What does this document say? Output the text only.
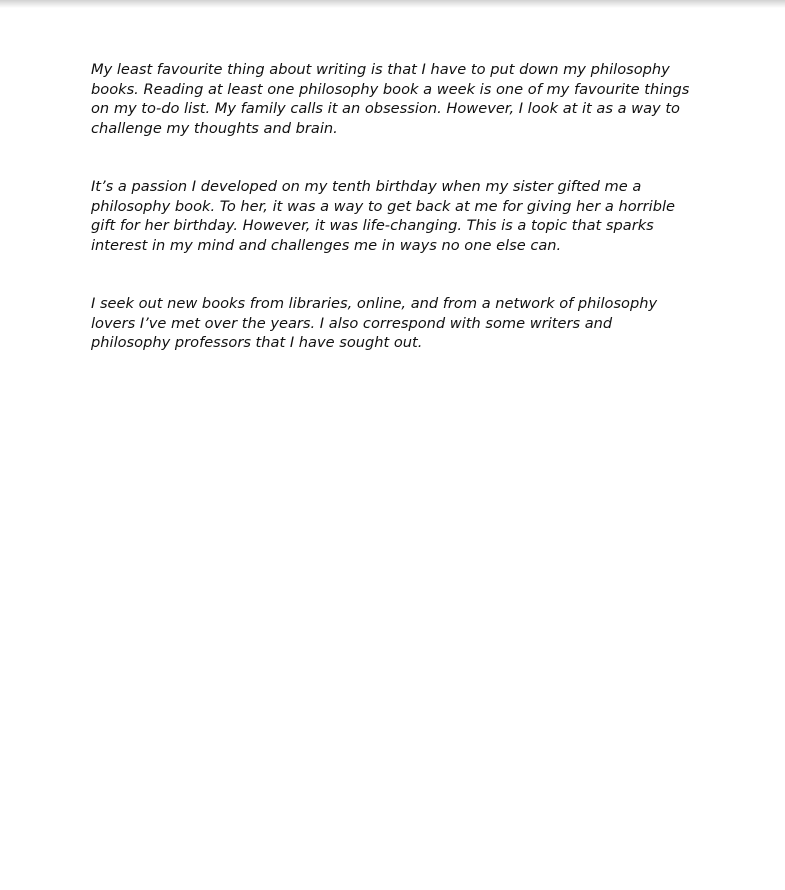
My least favourite thing about writing is that I have to put down my philosophy
books. Reading at least one philosophy book a week is one of my favourite things
on my to-do list. My family calls it an obsession. However, I look at it as a way to
challenge my thoughts and brain.

It’s a passion I developed on my tenth birthday when my sister gifted me a
philosophy book. To her, it was a way to get back at me for giving her a horrible
gift for her birthday. However, it was life-changing. This is a topic that sparks
interest in my mind and challenges me in ways no one else can.

I seek out new books from libraries, online, and from a network of philosophy
lovers I’ve met over the years. I also correspond with some writers and
philosophy professors that I have sought out.
